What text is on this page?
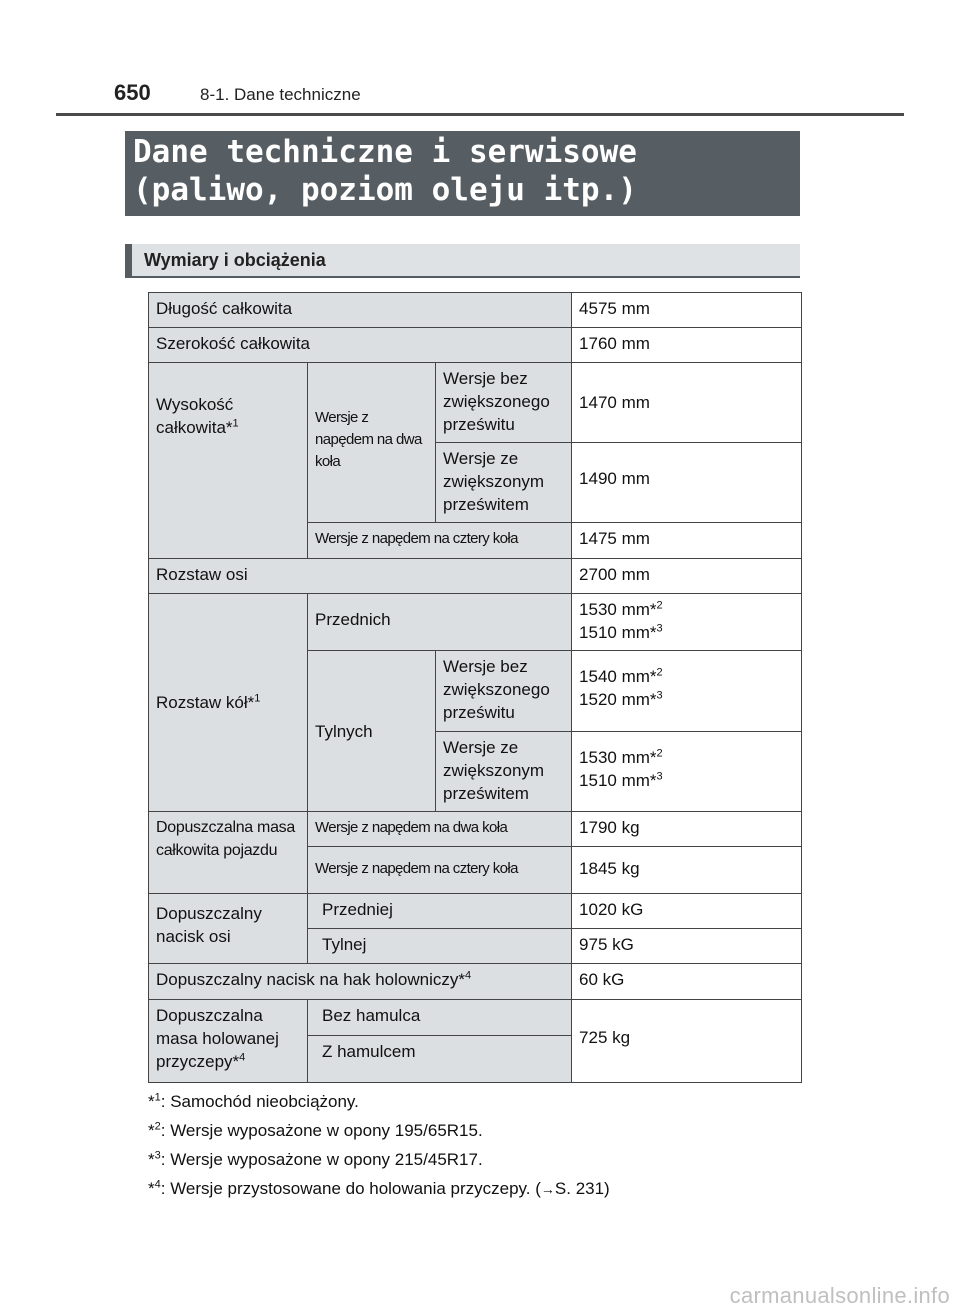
650	8-1. Dane techniczne
Dane techniczne i serwisowe
(paliwo, poziom oleju itp.)
Wymiary i obciążenia
Długość całkowita			4575 mm
Szerokość całkowita			1760 mm
Wysokość całkowita*$^1$	Wersje z napędem na dwa koła	Wersje bez zwiększonego prześwitu	1470 mm
		Wersje ze zwiększonym prześwitem	1490 mm
	Wersje z napędem na cztery koła		1475 mm
Rozstaw osi			2700 mm
Rozstaw kół*$^1$	Przednich		1530 mm*$^2$
1510 mm*$^3$

	Tylnych	Wersje bez zwiększonego prześwitu	1540 mm*$^2$
1520 mm*$^3$

		Wersje ze zwiększonym prześwitem	1530 mm*$^2$
1510 mm*$^3$

Dopuszczalna masa całkowita pojazdu	Wersje z napędem na dwa koła		1790 kg
	Wersje z napędem na cztery koła		1845 kg
Dopuszczalny nacisk osi	Przedniej		1020 kG
	Tylnej		975 kG
Dopuszczalny nacisk na hak holowniczy*$^4$			60 kG
Dopuszczalna masa holowanej przyczepy*$^4$	Bez hamulca		725 kg
	Z hamulcem		
*$^1$: Samochód nieobciążony.
*$^2$: Wersje wyposażone w opony 195/65R15.
*$^3$: Wersje wyposażone w opony 215/45R17.
*$^4$: Wersje przystosowane do holowania przyczepy. (→S. 231)
carmanualsonline.info
